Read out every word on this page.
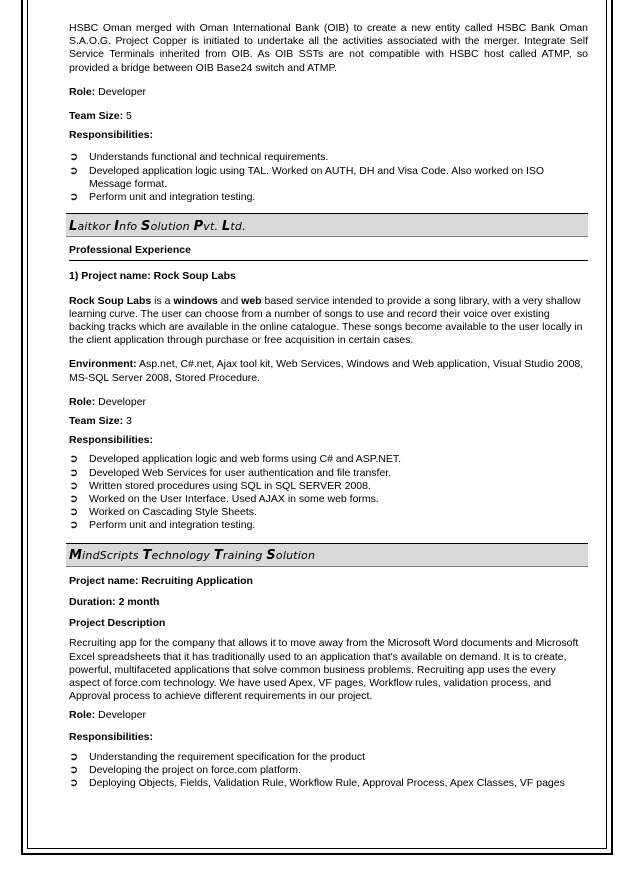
HSBC Oman merged with Oman International Bank (OIB) to create a new entity called HSBC Bank Oman S.A.O.G. Project Copper is initiated to undertake all the activities associated with the merger. Integrate Self Service Terminals inherited from OIB. As OIB SSTs are not compatible with HSBC host called ATMP, so provided a bridge between OIB Base24 switch and ATMP.

Role: Developer

Team Size: 5

Responsibilities:

➲ Understands functional and technical requirements.
➲ Developed application logic using TAL. Worked on AUTH, DH and Visa Code. Also worked on ISO Message format.
➲ Perform unit and integration testing.
Laitkor Info Solution Pvt. Ltd.

Professional Experience

1) Project name: Rock Soup Labs

Rock Soup Labs is a windows and web based service intended to provide a song library, with a very shallow learning curve. The user can choose from a number of songs to use and record their voice over existing backing tracks which are available in the online catalogue. These songs become available to the user locally in the client application through purchase or free acquisition in certain cases.

Environment: Asp.net, C#.net, Ajax tool kit, Web Services, Windows and Web application, Visual Studio 2008, MS-SQL Server 2008, Stored Procedure.

Role: Developer

Team Size: 3

Responsibilities:

➲ Developed application logic and web forms using C# and ASP.NET.
➲ Developed Web Services for user authentication and file transfer.
➲ Written stored procedures using SQL in SQL SERVER 2008.
➲ Worked on the User Interface. Used AJAX in some web forms.
➲ Worked on Cascading Style Sheets.
➲ Perform unit and integration testing.
MindScripts Technology Training Solution

Project name: Recruiting Application

Duration: 2 month

Project Description

Recruiting app for the company that allows it to move away from the Microsoft Word documents and Microsoft Excel spreadsheets that it has traditionally used to an application that's available on demand. It is to create, powerful, multifaceted applications that solve common business problems. Recruiting app uses the every aspect of force.com technology. We have used Apex, VF pages, Workflow rules, validation process, and Approval process to achieve different requirements in our project.

Role: Developer

Responsibilities:

➲ Understanding the requirement specification for the product
➲ Developing the project on force.com platform.
➲ Deploying Objects, Fields, Validation Rule, Workflow Rule, Approval Process, Apex Classes, VF pages
